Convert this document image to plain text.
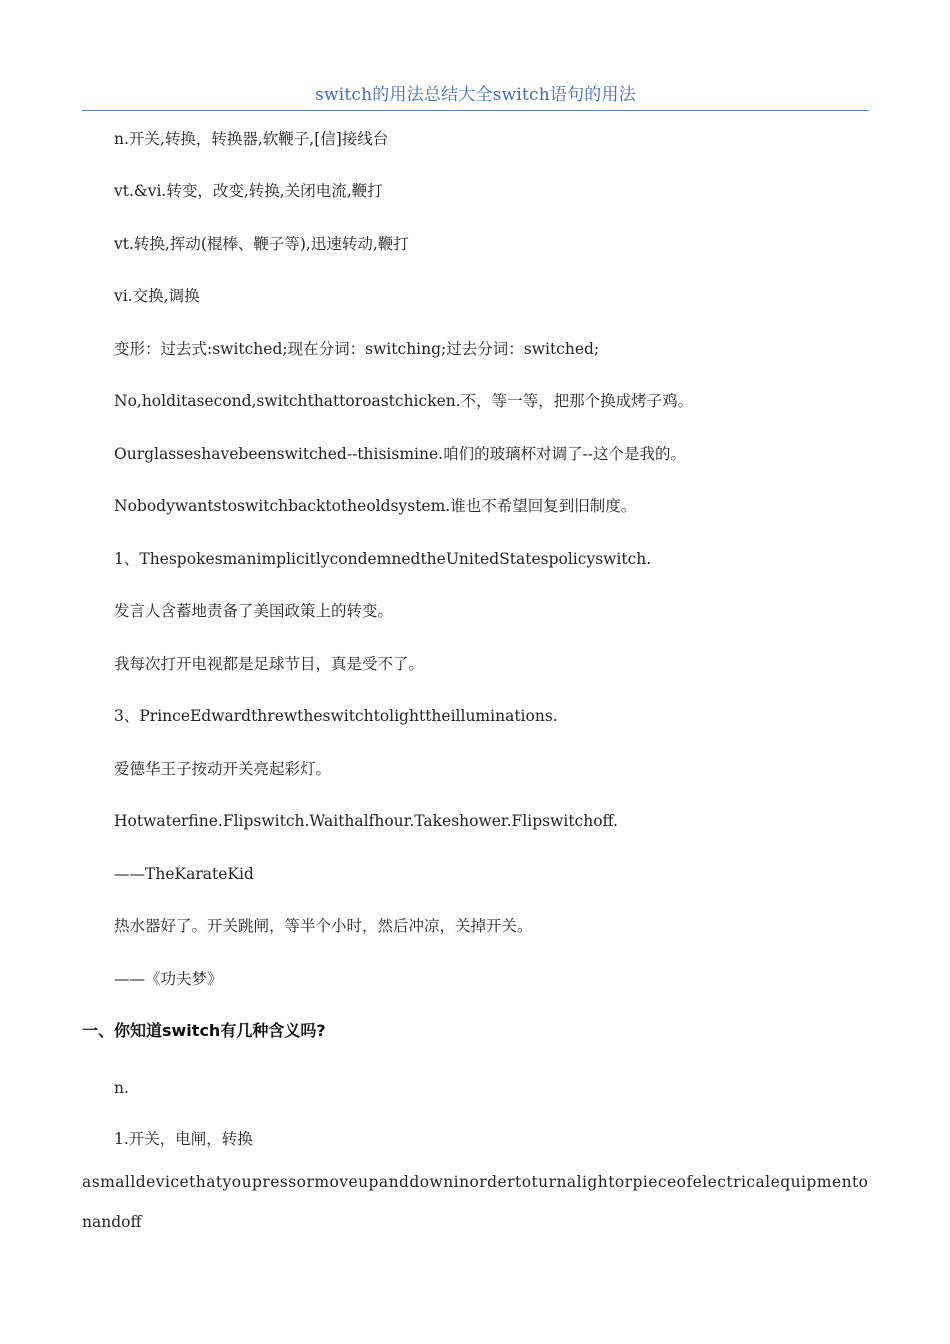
switch的用法总结大全switch语句的用法
n.开关,转换，转换器,软鞭子,[信]接线台
vt.&vi.转变，改变,转换,关闭电流,鞭打
vt.转换,挥动(棍棒、鞭子等),迅速转动,鞭打
vi.交换,调换
变形：过去式:switched;现在分词：switching;过去分词：switched;
No,holditasecond,switchthattoroastchicken.不，等一等，把那个换成烤子鸡。
Ourglasseshavebeenswitched--thisismine.咱们的玻璃杯对调了--这个是我的。
Nobodywantstoswitchbacktotheoldsystem.谁也不希望回复到旧制度。
1、ThespokesmanimplicitlycondemnedtheUnitedStatespolicyswitch.
发言人含蓄地责备了美国政策上的转变。
我每次打开电视都是足球节目，真是受不了。
3、PrinceEdwardthrewtheswitchtolighttheilluminations.
爱德华王子按动开关亮起彩灯。
Hotwaterfine.Flipswitch.Waithalfhour.Takeshower.Flipswitchoff.
——TheKarateKid
热水器好了。开关跳闸，等半个小时，然后冲凉，关掉开关。
——《功夫梦》
一、你知道switch有几种含义吗?
n.
1.开关，电闸，转换
asmalldevicethatyoupressormoveupanddowninordertoturnalightorpieceofelectricalequipmento
nandoff
